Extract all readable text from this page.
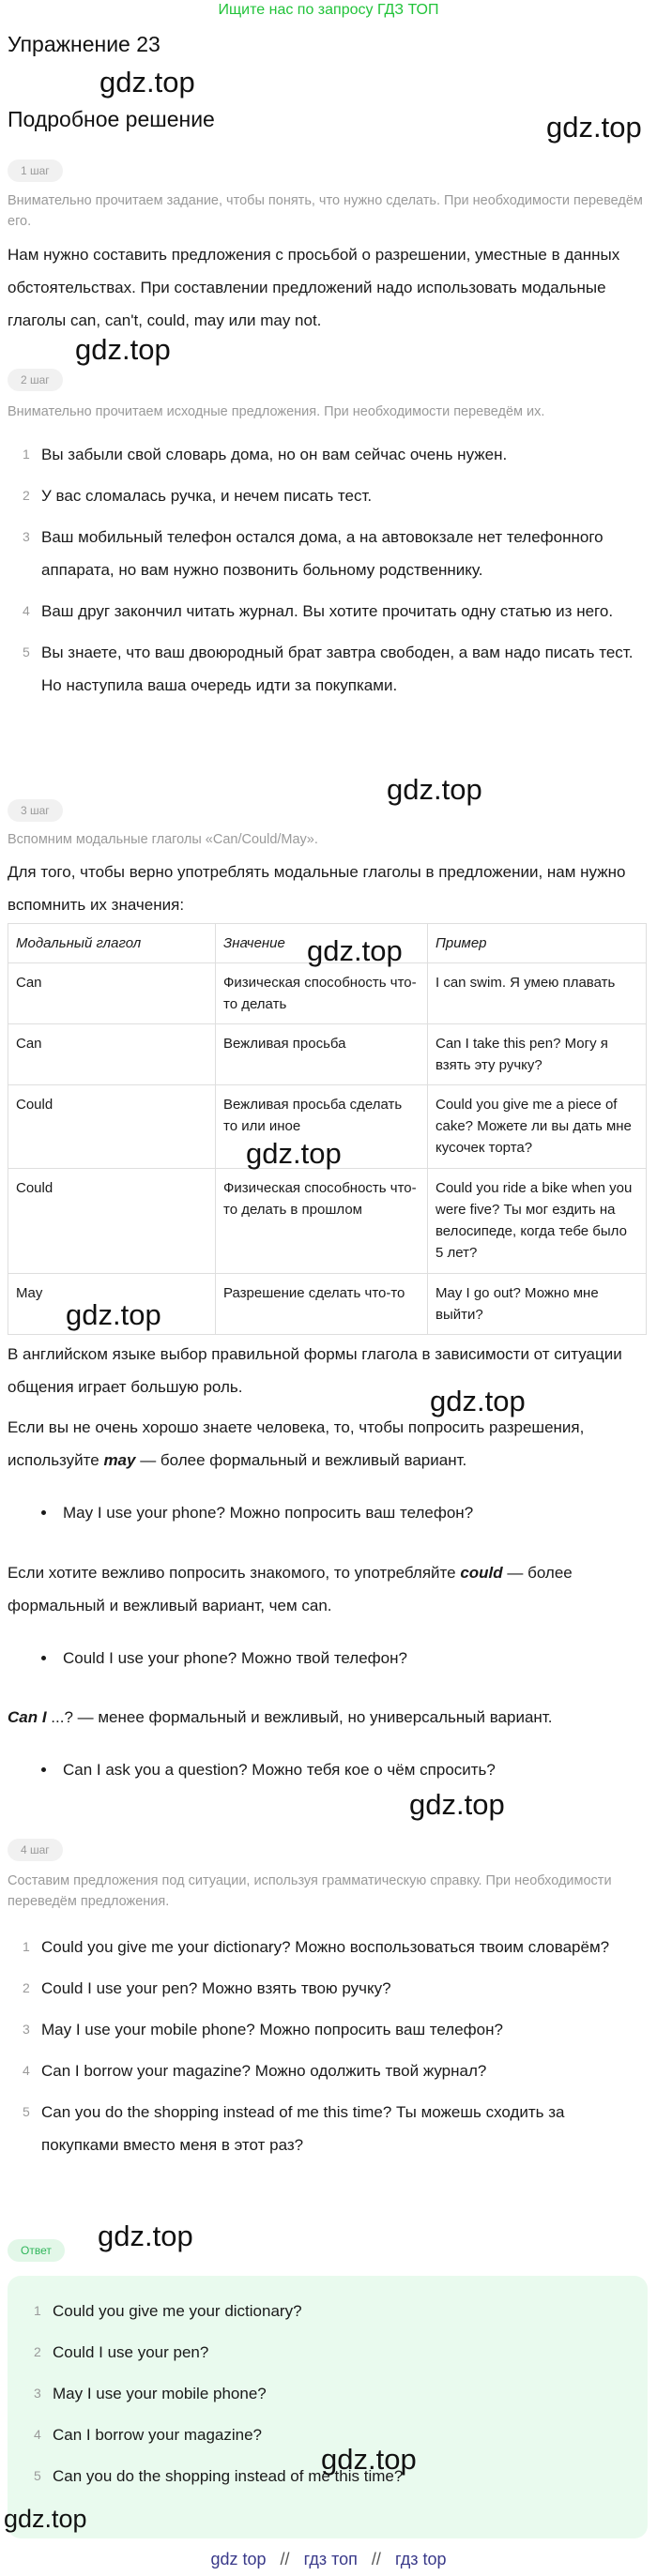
Ищите нас по запросу ГДЗ ТОП
Упражнение 23
gdz.top
Подробное решение	gdz.top
1 шаг
Внимательно прочитаем задание, чтобы понять, что нужно сделать. При необходимости переведём его.
Нам нужно составить предложения с просьбой о разрешении, уместные в данных обстоятельствах. При составлении предложений надо использовать модальные глаголы can, can't, could, may или may not.
gdz.top
2 шаг
Внимательно прочитаем исходные предложения. При необходимости переведём их.
1 Вы забыли свой словарь дома, но он вам сейчас очень нужен.
2 У вас сломалась ручка, и нечем писать тест.
3 Ваш мобильный телефон остался дома, а на автовокзале нет телефонного аппарата, но вам нужно позвонить больному родственнику.
4 Ваш друг закончил читать журнал. Вы хотите прочитать одну статью из него.
5 Вы знаете, что ваш двоюродный брат завтра свободен, а вам надо писать тест. Но наступила ваша очередь идти за покупками.
gdz.top
3 шаг
Вспомним модальные глаголы «Can/Could/May».
Для того, чтобы верно употреблять модальные глаголы в предложении, нам нужно вспомнить их значения:
Модальный глагол	Значение	Пример
Can	Физическая способность что-то делать	I can swim. Я умею плавать
Can	Вежливая просьба	Can I take this pen? Могу я взять эту ручку?
Could	Вежливая просьба сделать то или иное	Could you give me a piece of cake? Можете ли вы дать мне кусочек торта?
Could	Физическая способность что-то делать в прошлом	Could you ride a bike when you were five? Ты мог ездить на велосипеде, когда тебе было 5 лет?
May	Разрешение сделать что-то	May I go out? Можно мне выйти?
gdz.top
gdz.top
gdz.top
В английском языке выбор правильной формы глагола в зависимости от ситуации общения играет большую роль.	gdz.top
Если вы не очень хорошо знаете человека, то, чтобы попросить разрешения, используйте may — более формальный и вежливый вариант.
May I use your phone? Можно попросить ваш телефон?
Если хотите вежливо попросить знакомого, то употребляйте could — более формальный и вежливый вариант, чем can.
Could I use your phone? Можно твой телефон?
Can I ...? — менее формальный и вежливый, но универсальный вариант.
Can I ask you a question? Можно тебя кое о чём спросить?
gdz.top
4 шаг
Составим предложения под ситуации, используя грамматическую справку. При необходимости переведём предложения.
1 Could you give me your dictionary? Можно воспользоваться твоим словарём?
2 Could I use your pen? Можно взять твою ручку?
3 May I use your mobile phone? Можно попросить ваш телефон?
4 Can I borrow your magazine? Можно одолжить твой журнал?
5 Can you do the shopping instead of me this time? Ты можешь сходить за покупками вместо меня в этот раз?
gdz.top
Ответ
1 Could you give me your dictionary?
2 Could I use your pen?
3 May I use your mobile phone?
4 Can I borrow your magazine?
5 Can you do the shopping instead of me this time?
gdz.top
gdz.top
gdz top // гдз топ // гдз top
